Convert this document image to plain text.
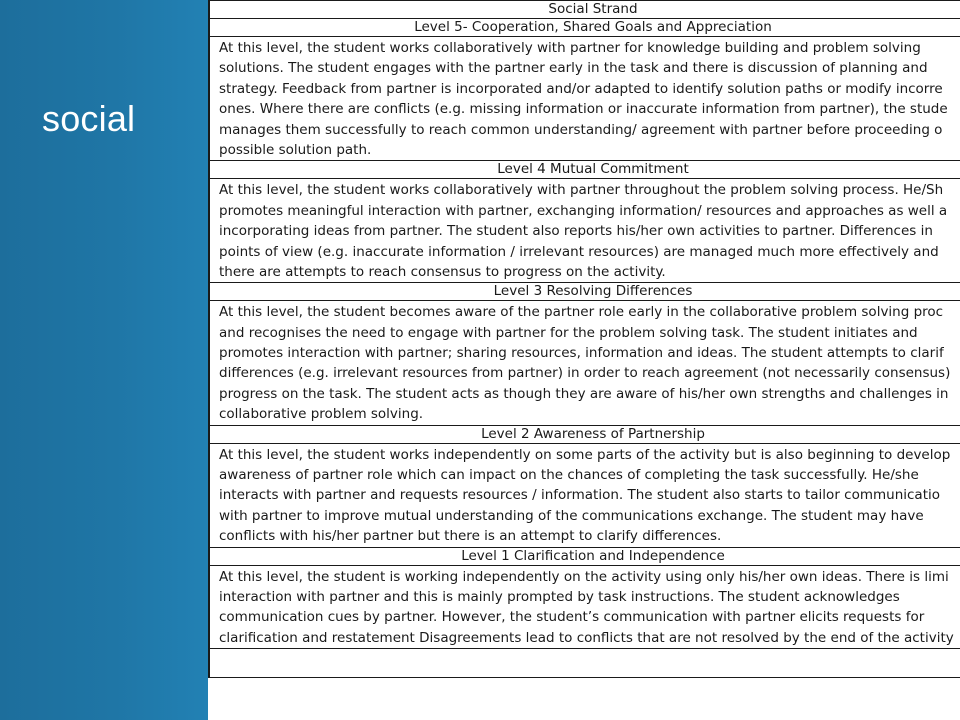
social
Social Strand
Level 5- Cooperation, Shared Goals and Appreciation

At this level, the student works collaboratively with partner for knowledge building and problem solving
solutions. The student engages with the partner early in the task and there is discussion of planning and
strategy. Feedback from partner is incorporated and/or adapted to identify solution paths or modify incorre
ones. Where there are conflicts (e.g. missing information or inaccurate information from partner), the stude
manages them successfully to reach common understanding/ agreement with partner before proceeding o
possible solution path.

Level 4 Mutual Commitment

At this level, the student works collaboratively with partner throughout the problem solving process. He/Sh
promotes meaningful interaction with partner, exchanging information/ resources and approaches as well a
incorporating ideas from partner. The student also reports his/her own activities to partner. Differences in
points of view (e.g. inaccurate information / irrelevant resources) are managed much more effectively and
there are attempts to reach consensus to progress on the activity.

Level 3 Resolving Differences

At this level, the student becomes aware of the partner role early in the collaborative problem solving proc
and recognises the need to engage with partner for the problem solving task. The student initiates and
promotes interaction with partner; sharing resources, information and ideas. The student attempts to clarif
differences (e.g. irrelevant resources from partner) in order to reach agreement (not necessarily consensus)
progress on the task. The student acts as though they are aware of his/her own strengths and challenges in
collaborative problem solving.

Level 2 Awareness of Partnership

At this level, the student works independently on some parts of the activity but is also beginning to develop
awareness of partner role which can impact on the chances of completing the task successfully. He/she
interacts with partner and requests resources / information. The student also starts to tailor communicatio
with partner to improve mutual understanding of the communications exchange. The student may have
conflicts with his/her partner but there is an attempt to clarify differences.

Level 1 Clarification and Independence

At this level, the student is working independently on the activity using only his/her own ideas. There is limi
interaction with partner and this is mainly prompted by task instructions. The student acknowledges
communication cues by partner. However, the student’s communication with partner elicits requests for
clarification and restatement Disagreements lead to conflicts that are not resolved by the end of the activity
